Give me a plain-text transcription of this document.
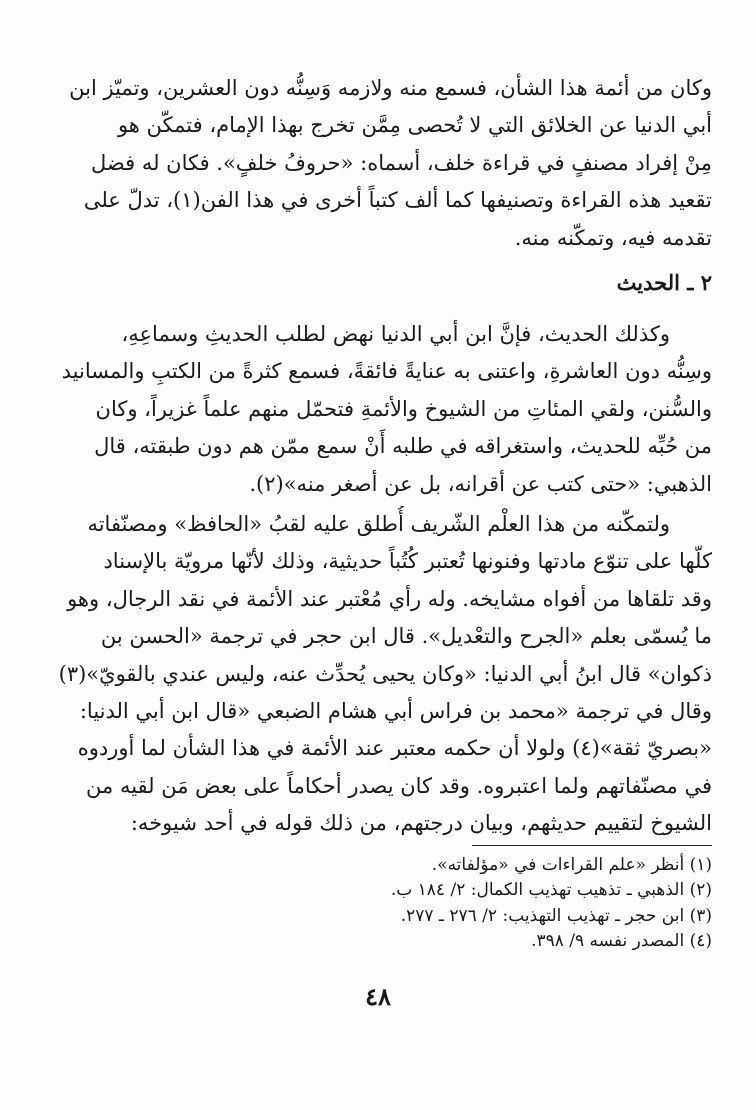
وكان من أئمة هذا الشأن، فسمع منه ولازمه وَسِنُّه دون العشرين، وتميّز ابن
أبي الدنيا عن الخلائق التي لا تُحصى مِمَّن تخرج بهذا الإمام، فتمكّن هو
مِنْ إفراد مصنفٍ في قراءة خلف، أسماه: «حروفُ خلفٍ». فكان له فضل
تقعيد هذه القراءة وتصنيفها كما ألف كتباً أخرى في هذا الفن(١)، تدلّ على
تقدمه فيه، وتمكّنه منه.
٢ ـ الحديث
وكذلك الحديث، فإنَّ ابن أبي الدنيا نهض لطلب الحديثِ وسماعِهِ،
وسِنُّه دون العاشرةِ، واعتنى به عنايةً فائقةً، فسمع كثرةً من الكتبِ والمسانيد
والسُّنن، ولقي المئاتِ من الشيوخ والأئمةِ فتحمّل منهم علماً غزيراً، وكان
من حُبِّه للحديث، واستغراقه في طلبه أَنْ سمع ممّن هم دون طبقته، قال
الذهبي: «حتى كتب عن أقرانه، بل عن أصغر منه»(٢).
ولتمكّنه من هذا العلْم الشّريف أُطلق عليه لقبُ «الحافظ» ومصنّفاته
كلّها على تنوّع مادتها وفنونها تُعتبر كُتُباً حديثية، وذلك لأنّها مرويّة بالإسناد
وقد تلقاها من أفواه مشايخه. وله رأي مُعْتبر عند الأئمة في نقد الرجال، وهو
ما يُسمّى بعلم «الجرح والتعْديل». قال ابن حجر في ترجمة «الحسن بن
ذكوان» قال ابنُ أبي الدنيا: «وكان يحيى يُحدِّث عنه، وليس عندي بالقويّ»(٣)
وقال في ترجمة «محمد بن فراس أبي هشام الضبعي «قال ابن أبي الدنيا:
«بصريّ ثقة»(٤) ولولا أن حكمه معتبر عند الأئمة في هذا الشأن لما أوردوه
في مصنّفاتهم ولما اعتبروه. وقد كان يصدر أحكاماً على بعض مَن لقيه من
الشيوخ لتقييم حديثهم، وبيان درجتهم، من ذلك قوله في أحد شيوخه:
(١) أنظر «علم القراءات في «مؤلفاته».
(٢) الذهبي ـ تذهيب تهذيب الكمال: ٢/ ١٨٤ ب.
(٣) ابن حجر ـ تهذيب التهذيب: ٢/ ٢٧٦ ـ ٢٧٧.
(٤) المصدر نفسه ٩/ ٣٩٨.
٤٨
